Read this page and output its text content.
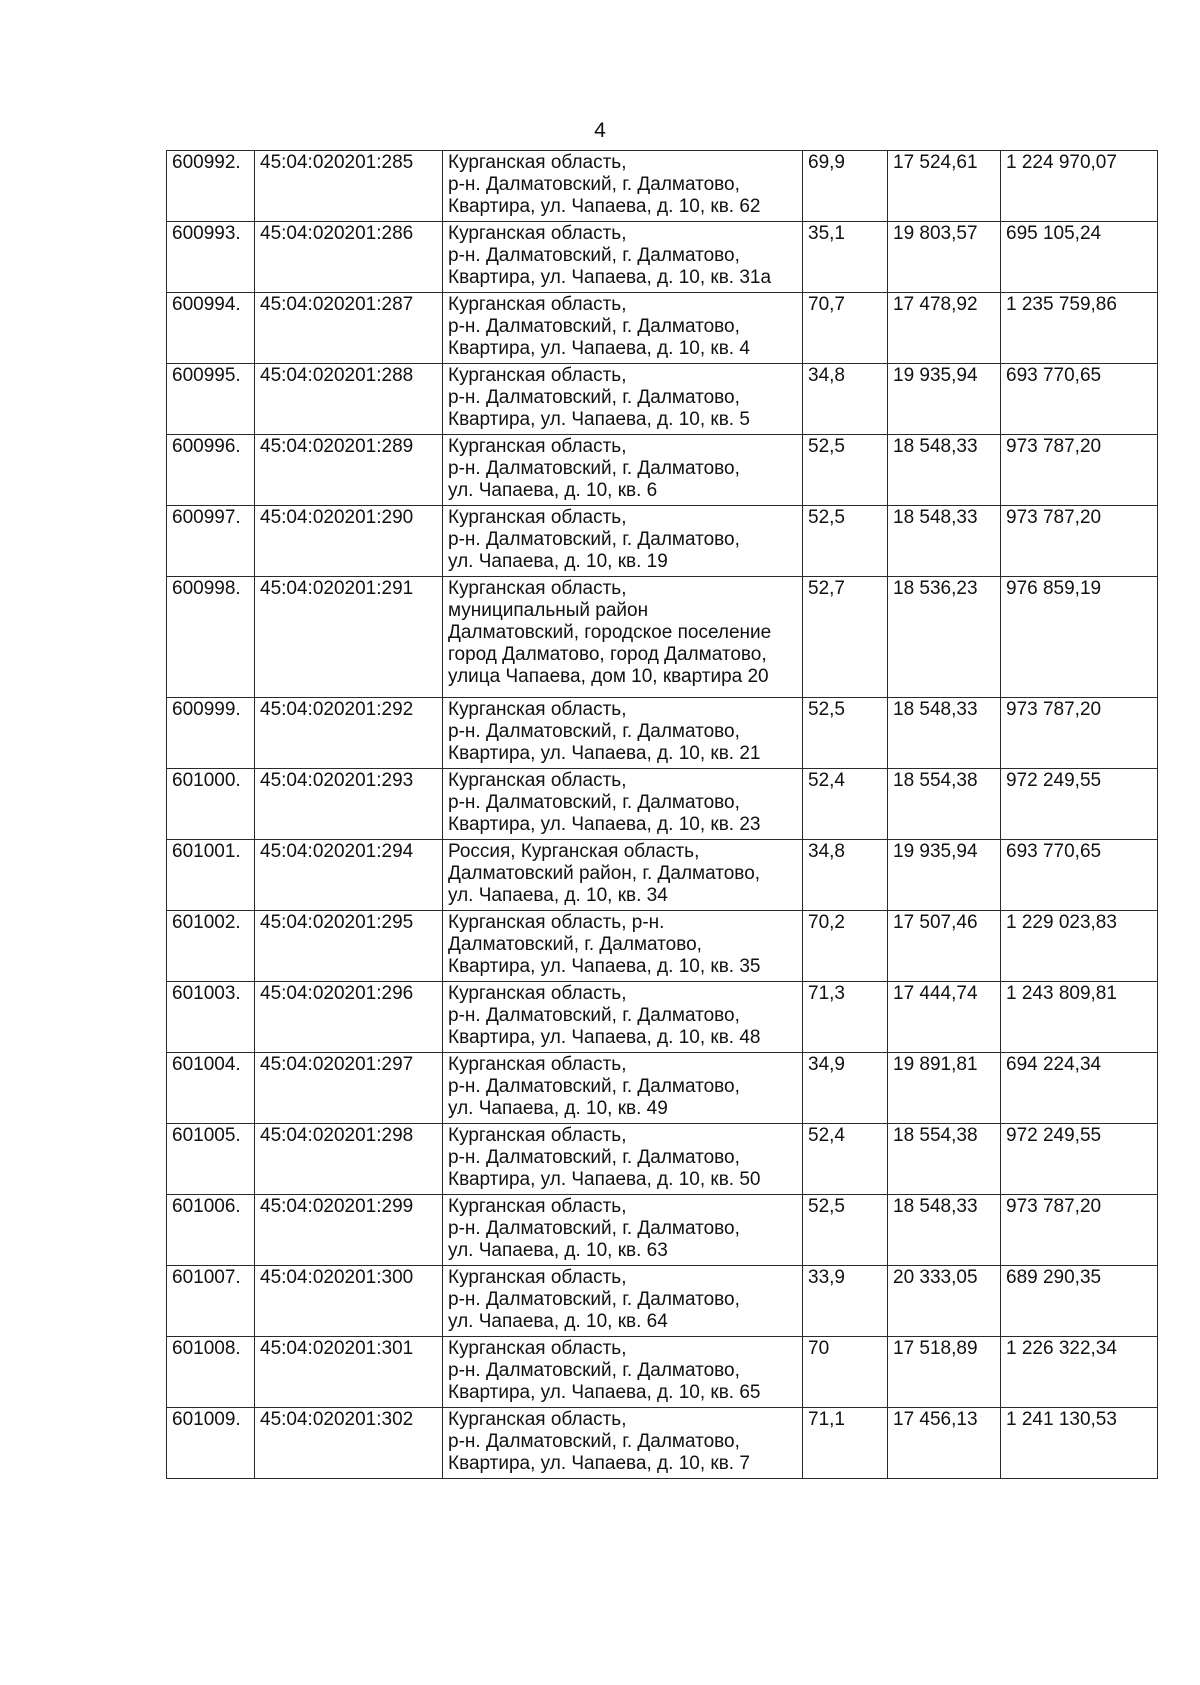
4
600992.	45:04:020201:285	Курганская область,
р-н. Далматовский, г. Далматово,
Квартира, ул. Чапаева, д. 10, кв. 62	69,9	17 524,61	1 224 970,07
600993.	45:04:020201:286	Курганская область,
р-н. Далматовский, г. Далматово,
Квартира, ул. Чапаева, д. 10, кв. 31а	35,1	19 803,57	695 105,24
600994.	45:04:020201:287	Курганская область,
р-н. Далматовский, г. Далматово,
Квартира, ул. Чапаева, д. 10, кв. 4	70,7	17 478,92	1 235 759,86
600995.	45:04:020201:288	Курганская область,
р-н. Далматовский, г. Далматово,
Квартира, ул. Чапаева, д. 10, кв. 5	34,8	19 935,94	693 770,65
600996.	45:04:020201:289	Курганская область,
р-н. Далматовский, г. Далматово,
ул. Чапаева, д. 10, кв. 6	52,5	18 548,33	973 787,20
600997.	45:04:020201:290	Курганская область,
р-н. Далматовский, г. Далматово,
ул. Чапаева, д. 10, кв. 19	52,5	18 548,33	973 787,20
600998.	45:04:020201:291	Курганская область,
муниципальный район
Далматовский, городское поселение
город Далматово, город Далматово,
улица Чапаева, дом 10, квартира 20	52,7	18 536,23	976 859,19
600999.	45:04:020201:292	Курганская область,
р-н. Далматовский, г. Далматово,
Квартира, ул. Чапаева, д. 10, кв. 21	52,5	18 548,33	973 787,20
601000.	45:04:020201:293	Курганская область,
р-н. Далматовский, г. Далматово,
Квартира, ул. Чапаева, д. 10, кв. 23	52,4	18 554,38	972 249,55
601001.	45:04:020201:294	Россия, Курганская область,
Далматовский район, г. Далматово,
ул. Чапаева, д. 10, кв. 34	34,8	19 935,94	693 770,65
601002.	45:04:020201:295	Курганская область, р-н.
Далматовский, г. Далматово,
Квартира, ул. Чапаева, д. 10, кв. 35	70,2	17 507,46	1 229 023,83
601003.	45:04:020201:296	Курганская область,
р-н. Далматовский, г. Далматово,
Квартира, ул. Чапаева, д. 10, кв. 48	71,3	17 444,74	1 243 809,81
601004.	45:04:020201:297	Курганская область,
р-н. Далматовский, г. Далматово,
ул. Чапаева, д. 10, кв. 49	34,9	19 891,81	694 224,34
601005.	45:04:020201:298	Курганская область,
р-н. Далматовский, г. Далматово,
Квартира, ул. Чапаева, д. 10, кв. 50	52,4	18 554,38	972 249,55
601006.	45:04:020201:299	Курганская область,
р-н. Далматовский, г. Далматово,
ул. Чапаева, д. 10, кв. 63	52,5	18 548,33	973 787,20
601007.	45:04:020201:300	Курганская область,
р-н. Далматовский, г. Далматово,
ул. Чапаева, д. 10, кв. 64	33,9	20 333,05	689 290,35
601008.	45:04:020201:301	Курганская область,
р-н. Далматовский, г. Далматово,
Квартира, ул. Чапаева, д. 10, кв. 65	70	17 518,89	1 226 322,34
601009.	45:04:020201:302	Курганская область,
р-н. Далматовский, г. Далматово,
Квартира, ул. Чапаева, д. 10, кв. 7	71,1	17 456,13	1 241 130,53
